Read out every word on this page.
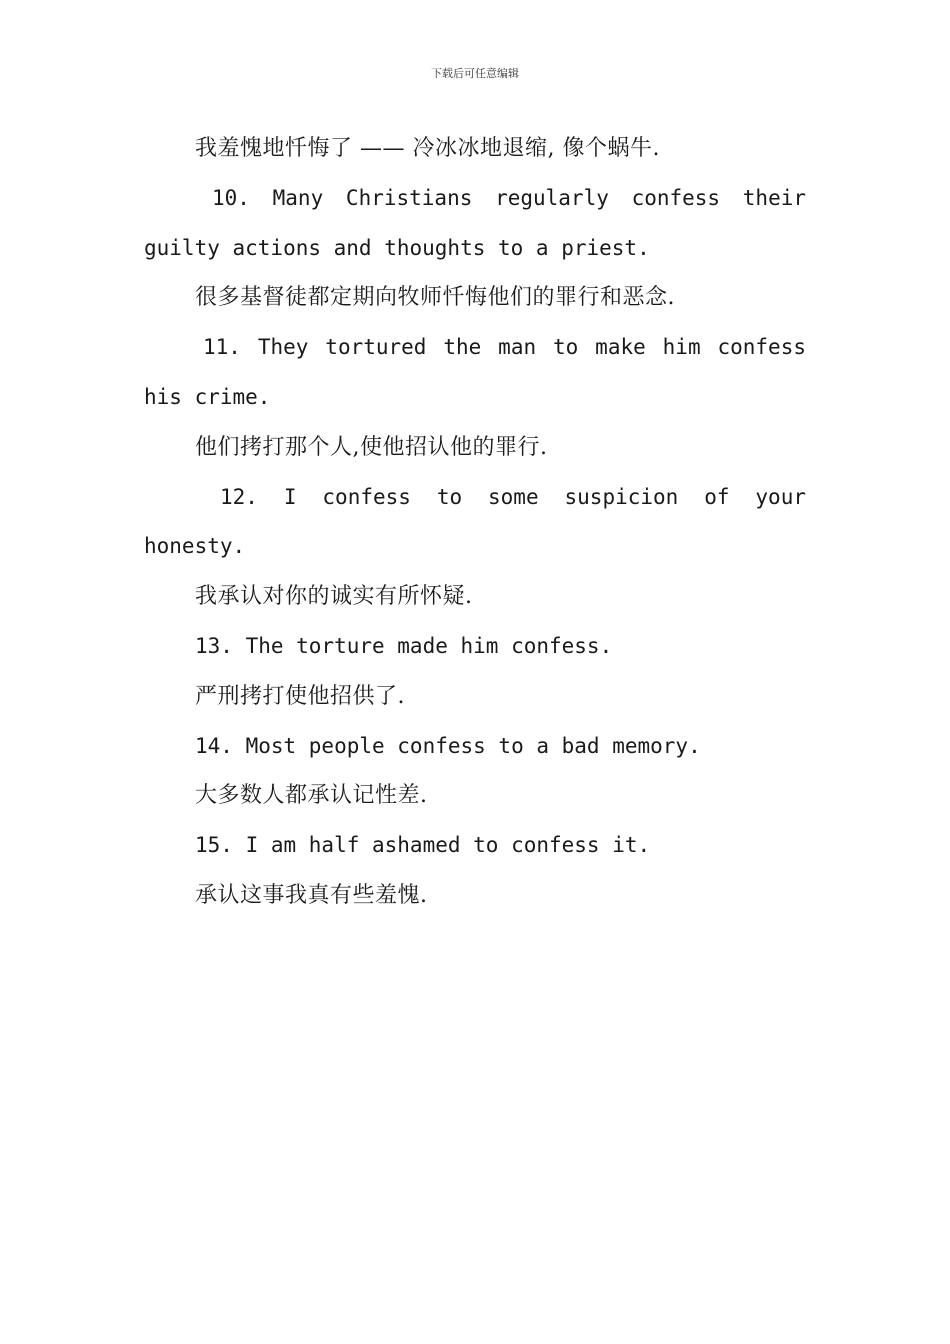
下载后可任意编辑

我羞愧地忏悔了 —— 冷冰冰地退缩, 像个蜗牛.

10. Many Christians regularly confess their guilty actions and thoughts to a priest.

很多基督徒都定期向牧师忏悔他们的罪行和恶念.

11. They tortured the man to make him confess his crime.

他们拷打那个人,使他招认他的罪行.

12. I confess to some suspicion of your honesty.

我承认对你的诚实有所怀疑.

13. The torture made him confess.

严刑拷打使他招供了.

14. Most people confess to a bad memory.

大多数人都承认记性差.

15. I am half ashamed to confess it.

承认这事我真有些羞愧.
